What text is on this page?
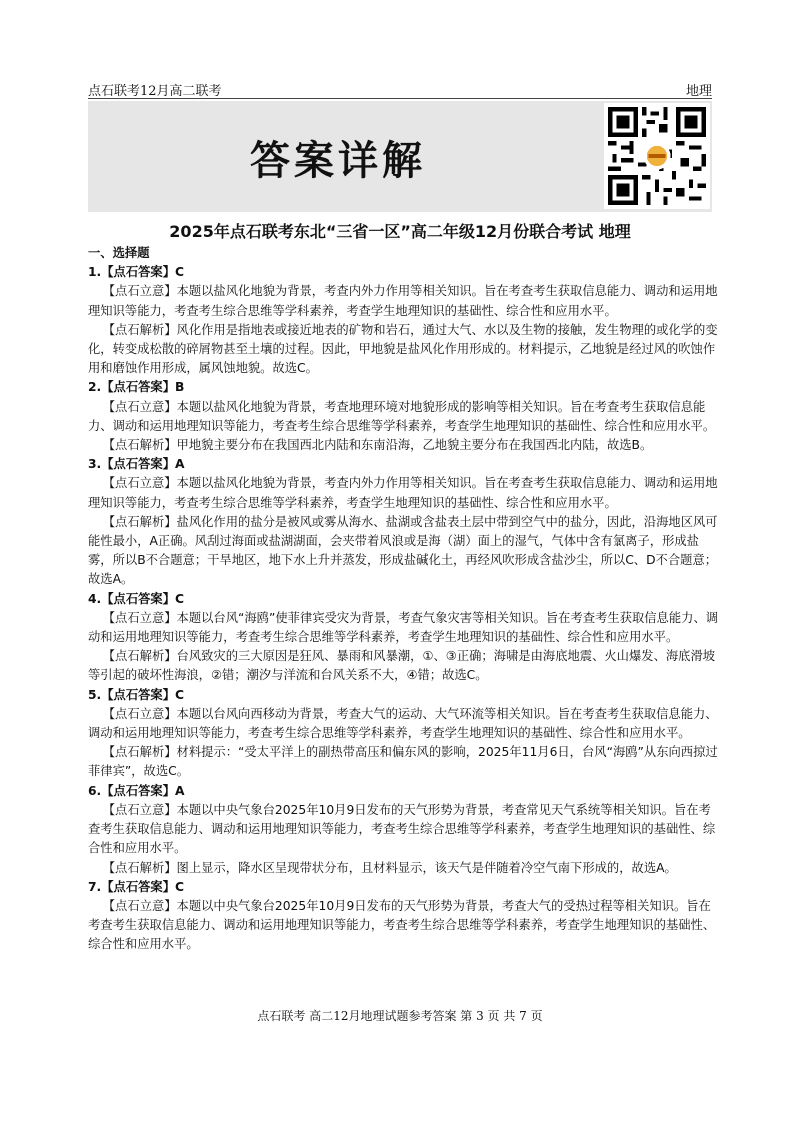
点石联考12月高二联考	地理
答案详解
2025年点石联考东北“三省一区”高二年级12月份联合考试 地理

一、选择题

1.【点石答案】C

【点石立意】本题以盐风化地貌为背景，考查内外力作用等相关知识。旨在考查考生获取信息能力、调动和运用地理知识等能力，考查考生综合思维等学科素养，考查学生地理知识的基础性、综合性和应用水平。

【点石解析】风化作用是指地表或接近地表的矿物和岩石，通过大气、水以及生物的接触，发生物理的或化学的变化，转变成松散的碎屑物甚至土壤的过程。因此，甲地貌是盐风化作用形成的。材料提示，乙地貌是经过风的吹蚀作用和磨蚀作用形成，属风蚀地貌。故选C。

2.【点石答案】B

【点石立意】本题以盐风化地貌为背景，考查地理环境对地貌形成的影响等相关知识。旨在考查考生获取信息能力、调动和运用地理知识等能力，考查考生综合思维等学科素养，考查学生地理知识的基础性、综合性和应用水平。

【点石解析】甲地貌主要分布在我国西北内陆和东南沿海，乙地貌主要分布在我国西北内陆，故选B。

3.【点石答案】A

【点石立意】本题以盐风化地貌为背景，考查内外力作用等相关知识。旨在考查考生获取信息能力、调动和运用地理知识等能力，考查考生综合思维等学科素养，考查学生地理知识的基础性、综合性和应用水平。

【点石解析】盐风化作用的盐分是被风或雾从海水、盐湖或含盐表土层中带到空气中的盐分，因此，沿海地区风可能性最小，A正确。风刮过海面或盐湖湖面，会夹带着风浪或是海（湖）面上的湿气，气体中含有氯离子，形成盐雾，所以B不合题意；干旱地区，地下水上升并蒸发，形成盐碱化土，再经风吹形成含盐沙尘，所以C、D不合题意；故选A。

4.【点石答案】C

【点石立意】本题以台风“海鸥”使菲律宾受灾为背景，考查气象灾害等相关知识。旨在考查考生获取信息能力、调动和运用地理知识等能力，考查考生综合思维等学科素养，考查学生地理知识的基础性、综合性和应用水平。

【点石解析】台风致灾的三大原因是狂风、暴雨和风暴潮，①、③正确；海啸是由海底地震、火山爆发、海底滑坡等引起的破坏性海浪，②错；潮汐与洋流和台风关系不大，④错；故选C。

5.【点石答案】C

【点石立意】本题以台风向西移动为背景，考查大气的运动、大气环流等相关知识。旨在考查考生获取信息能力、调动和运用地理知识等能力，考查考生综合思维等学科素养，考查学生地理知识的基础性、综合性和应用水平。

【点石解析】材料提示：“受太平洋上的副热带高压和偏东风的影响，2025年11月6日，台风“海鸥”从东向西掠过菲律宾”，故选C。

6.【点石答案】A

【点石立意】本题以中央气象台2025年10月9日发布的天气形势为背景，考查常见天气系统等相关知识。旨在考查考生获取信息能力、调动和运用地理知识等能力，考查考生综合思维等学科素养，考查学生地理知识的基础性、综合性和应用水平。

【点石解析】图上显示，降水区呈现带状分布，且材料显示，该天气是伴随着冷空气南下形成的，故选A。

7.【点石答案】C

【点石立意】本题以中央气象台2025年10月9日发布的天气形势为背景，考查大气的受热过程等相关知识。旨在考查考生获取信息能力、调动和运用地理知识等能力，考查考生综合思维等学科素养，考查学生地理知识的基础性、综合性和应用水平。

点石联考 高二12月地理试题参考答案 第 3 页 共 7 页
